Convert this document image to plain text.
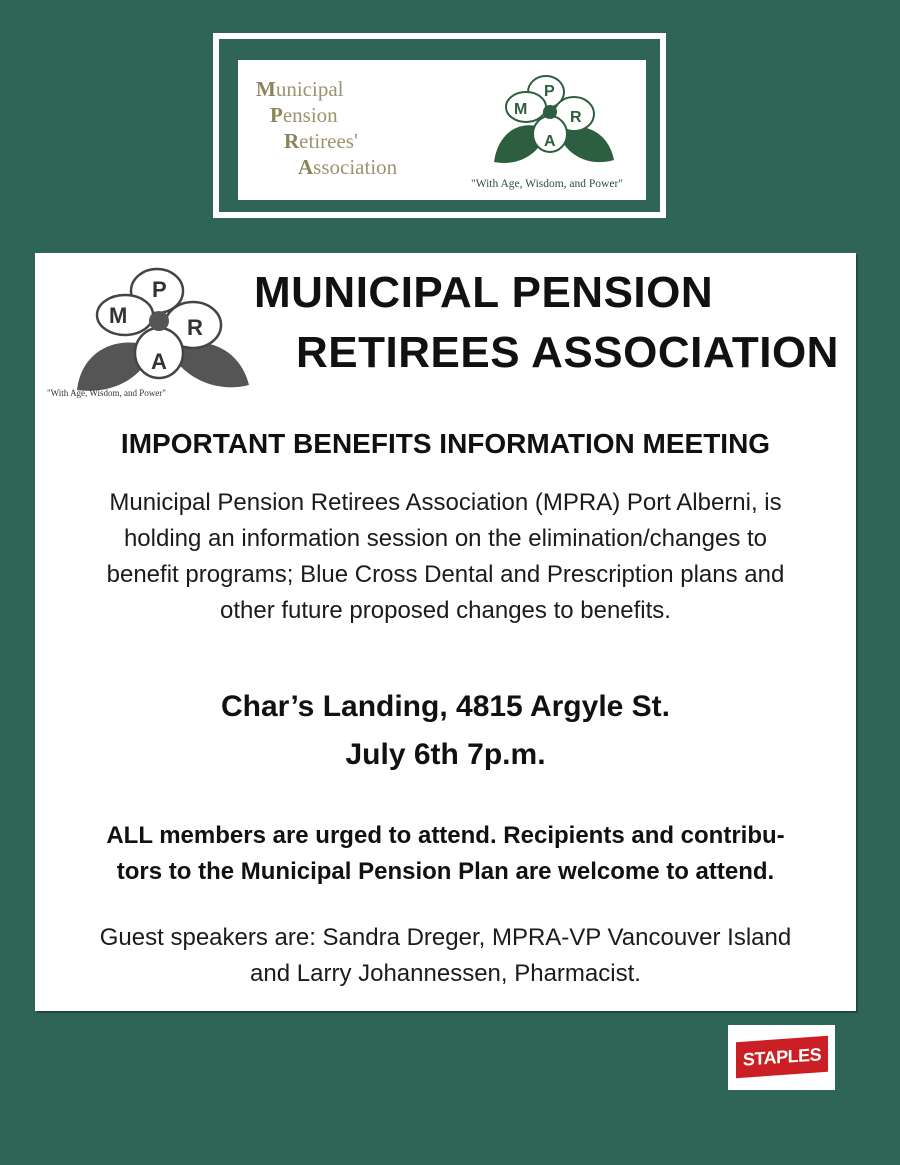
Municipal
Pension
Retirees'
Association
P
M	R
A
"With Age, Wisdom, and Power"
P
M	R
A
"With Age, Wisdom, and Power"
MUNICIPAL PENSION
RETIREES ASSOCIATION
IMPORTANT BENEFITS INFORMATION MEETING
Municipal Pension Retirees Association (MPRA) Port Alberni, is
holding an information session on the elimination/changes to
benefit programs; Blue Cross Dental and Prescription plans and
other future proposed changes to benefits.
Char’s Landing, 4815 Argyle St.
July 6th 7p.m.
ALL members are urged to attend. Recipients and contribu-
tors to the Municipal Pension Plan are welcome to attend.
Guest speakers are: Sandra Dreger, MPRA-VP Vancouver Island
and Larry Johannessen, Pharmacist.
STAPLES
